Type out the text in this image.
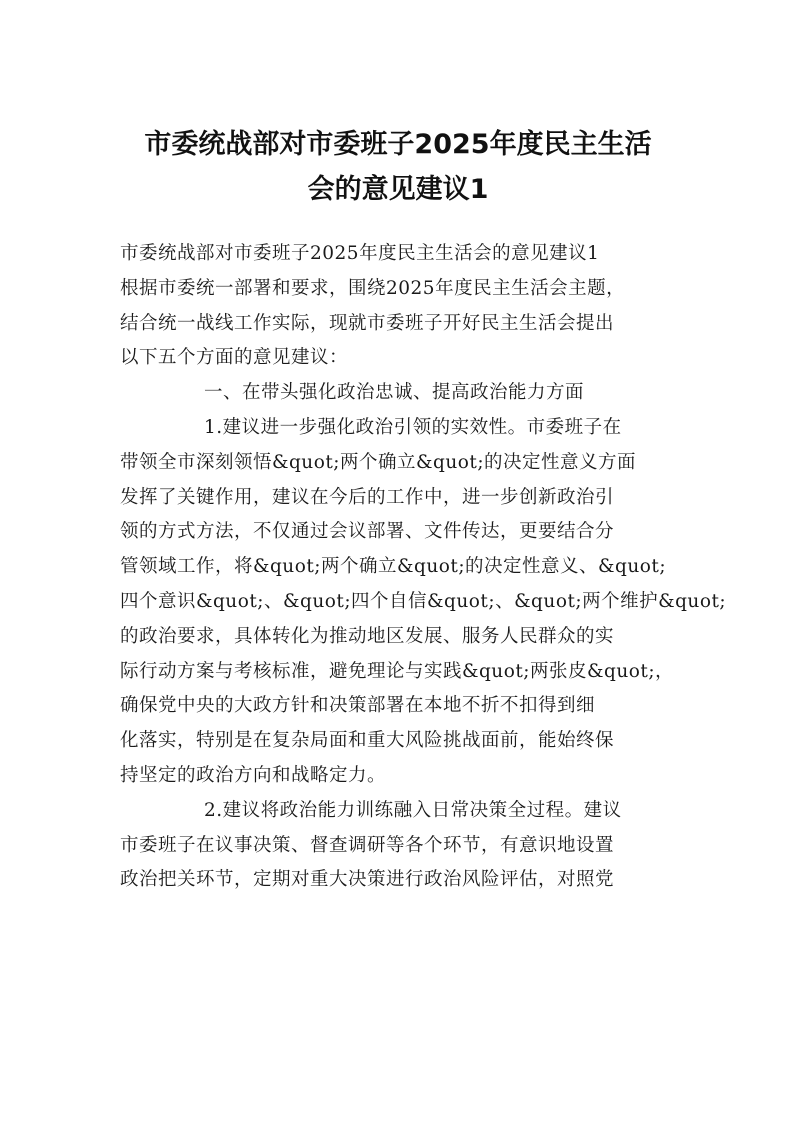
市委统战部对市委班子2025年度民主生活
会的意见建议1

市委统战部对市委班子2025年度民主生活会的意见建议1
根据市委统一部署和要求，围绕2025年度民主生活会主题，
结合统一战线工作实际，现就市委班子开好民主生活会提出
以下五个方面的意见建议：

一、在带头强化政治忠诚、提高政治能力方面

1.建议进一步强化政治引领的实效性。市委班子在
带领全市深刻领悟&quot;两个确立&quot;的决定性意义方面
发挥了关键作用，建议在今后的工作中，进一步创新政治引
领的方式方法，不仅通过会议部署、文件传达，更要结合分
管领域工作，将&quot;两个确立&quot;的决定性意义、&quot;
四个意识&quot;、&quot;四个自信&quot;、&quot;两个维护&quot;
的政治要求，具体转化为推动地区发展、服务人民群众的实
际行动方案与考核标准，避免理论与实践&quot;两张皮&quot;，
确保党中央的大政方针和决策部署在本地不折不扣得到细
化落实，特别是在复杂局面和重大风险挑战面前，能始终保
持坚定的政治方向和战略定力。

2.建议将政治能力训练融入日常决策全过程。建议
市委班子在议事决策、督查调研等各个环节，有意识地设置
政治把关环节，定期对重大决策进行政治风险评估，对照党
